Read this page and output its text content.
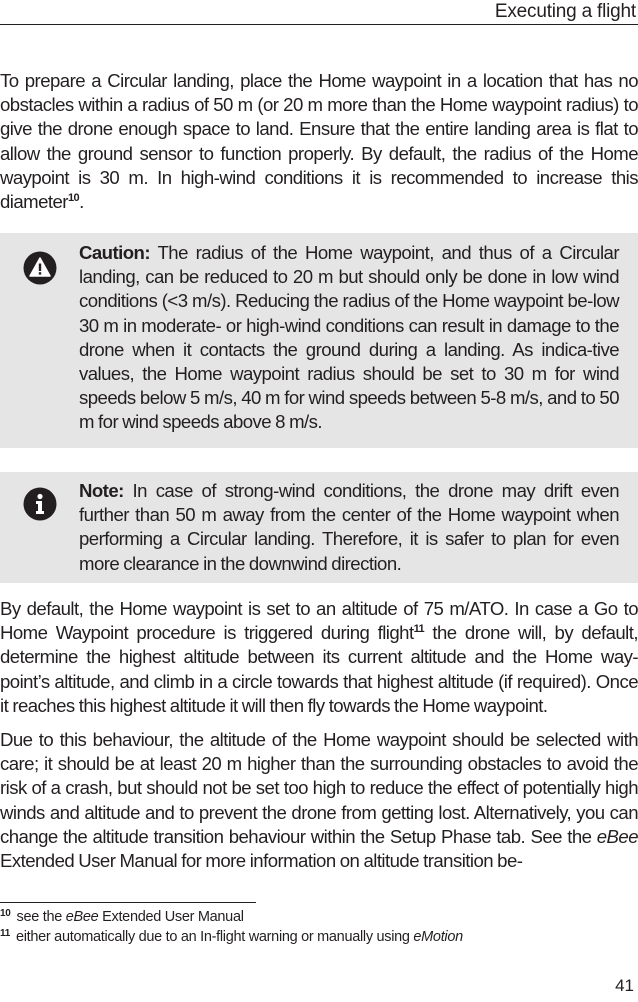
Executing a flight

To prepare a Circular landing, place the Home waypoint in a location that has no obstacles within a radius of 50 m (or 20 m more than the Home waypoint radius) to give the drone enough space to land. Ensure that the entire landing area is flat to allow the ground sensor to function properly. By default, the radius of the Home waypoint is 30 m. In high-wind conditions it is recommended to increase this diameter$^{10}$.

Caution: The radius of the Home waypoint, and thus of a Circular landing, can be reduced to 20 m but should only be done in low wind conditions (<3 m/s). Reducing the radius of the Home waypoint be-low 30 m in moderate- or high-wind conditions can result in damage to the drone when it contacts the ground during a landing. As indica-tive values, the Home waypoint radius should be set to 30 m for wind speeds below 5 m/s, 40 m for wind speeds between 5-8 m/s, and to 50 m for wind speeds above 8 m/s.

Note: In case of strong-wind conditions, the drone may drift even further than 50 m away from the center of the Home waypoint when performing a Circular landing. Therefore, it is safer to plan for even more clearance in the downwind direction.

By default, the Home waypoint is set to an altitude of 75 m/ATO. In case a Go to Home Waypoint procedure is triggered during flight$^{11}$ the drone will, by default, determine the highest altitude between its current altitude and the Home way-point’s altitude, and climb in a circle towards that highest altitude (if required). Once it reaches this highest altitude it will then fly towards the Home waypoint.

Due to this behaviour, the altitude of the Home waypoint should be selected with care; it should be at least 20 m higher than the surrounding obstacles to avoid the risk of a crash, but should not be set too high to reduce the effect of potentially high winds and altitude and to prevent the drone from getting lost. Alternatively, you can change the altitude transition behaviour within the Setup Phase tab. See the eBee Extended User Manual for more information on altitude transition be-

$^{10}$ see the eBee Extended User Manual
$^{11}$ either automatically due to an In-flight warning or manually using eMotion
41
